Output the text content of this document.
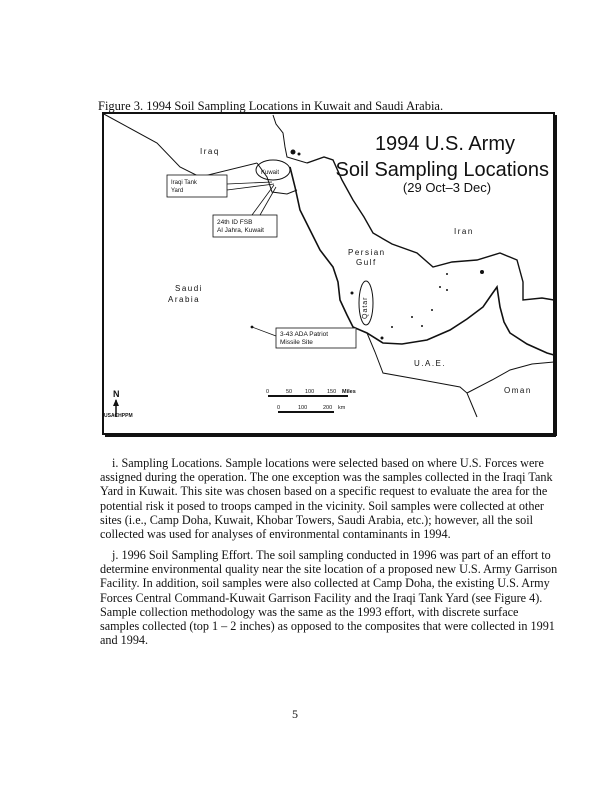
Figure 3. 1994 Soil Sampling Locations in Kuwait and Saudi Arabia.
1994 U.S. Army
Soil Sampling Locations
(29 Oct–3 Dec)
Iraq
Kuwait
Iran
Persian
Gulf
Saudi
Arabia	Qatar
U.A.E.
Oman
Iraqi Tank
Yard
24th ID FSB
Al Jahra, Kuwait
3-43 ADA Patriot
Missile Site
N
USACHPPM
0	50 100 150 Miles
0	100	200 km
i. Sampling Locations. Sample locations were selected based on where U.S. Forces were assigned during the operation. The one exception was the samples collected in the Iraqi Tank Yard in Kuwait. This site was chosen based on a specific request to evaluate the area for the potential risk it posed to troops camped in the vicinity. Soil samples were collected at other sites (i.e., Camp Doha, Kuwait, Khobar Towers, Saudi Arabia, etc.); however, all the soil collected was used for analyses of environmental contaminants in 1994.
j. 1996 Soil Sampling Effort. The soil sampling conducted in 1996 was part of an effort to determine environmental quality near the site location of a proposed new U.S. Army Garrison Facility. In addition, soil samples were also collected at Camp Doha, the existing U.S. Army Forces Central Command-Kuwait Garrison Facility and the Iraqi Tank Yard (see Figure 4). Sample collection methodology was the same as the 1993 effort, with discrete surface samples collected (top 1 – 2 inches) as opposed to the composites that were collected in 1991 and 1994.
5
